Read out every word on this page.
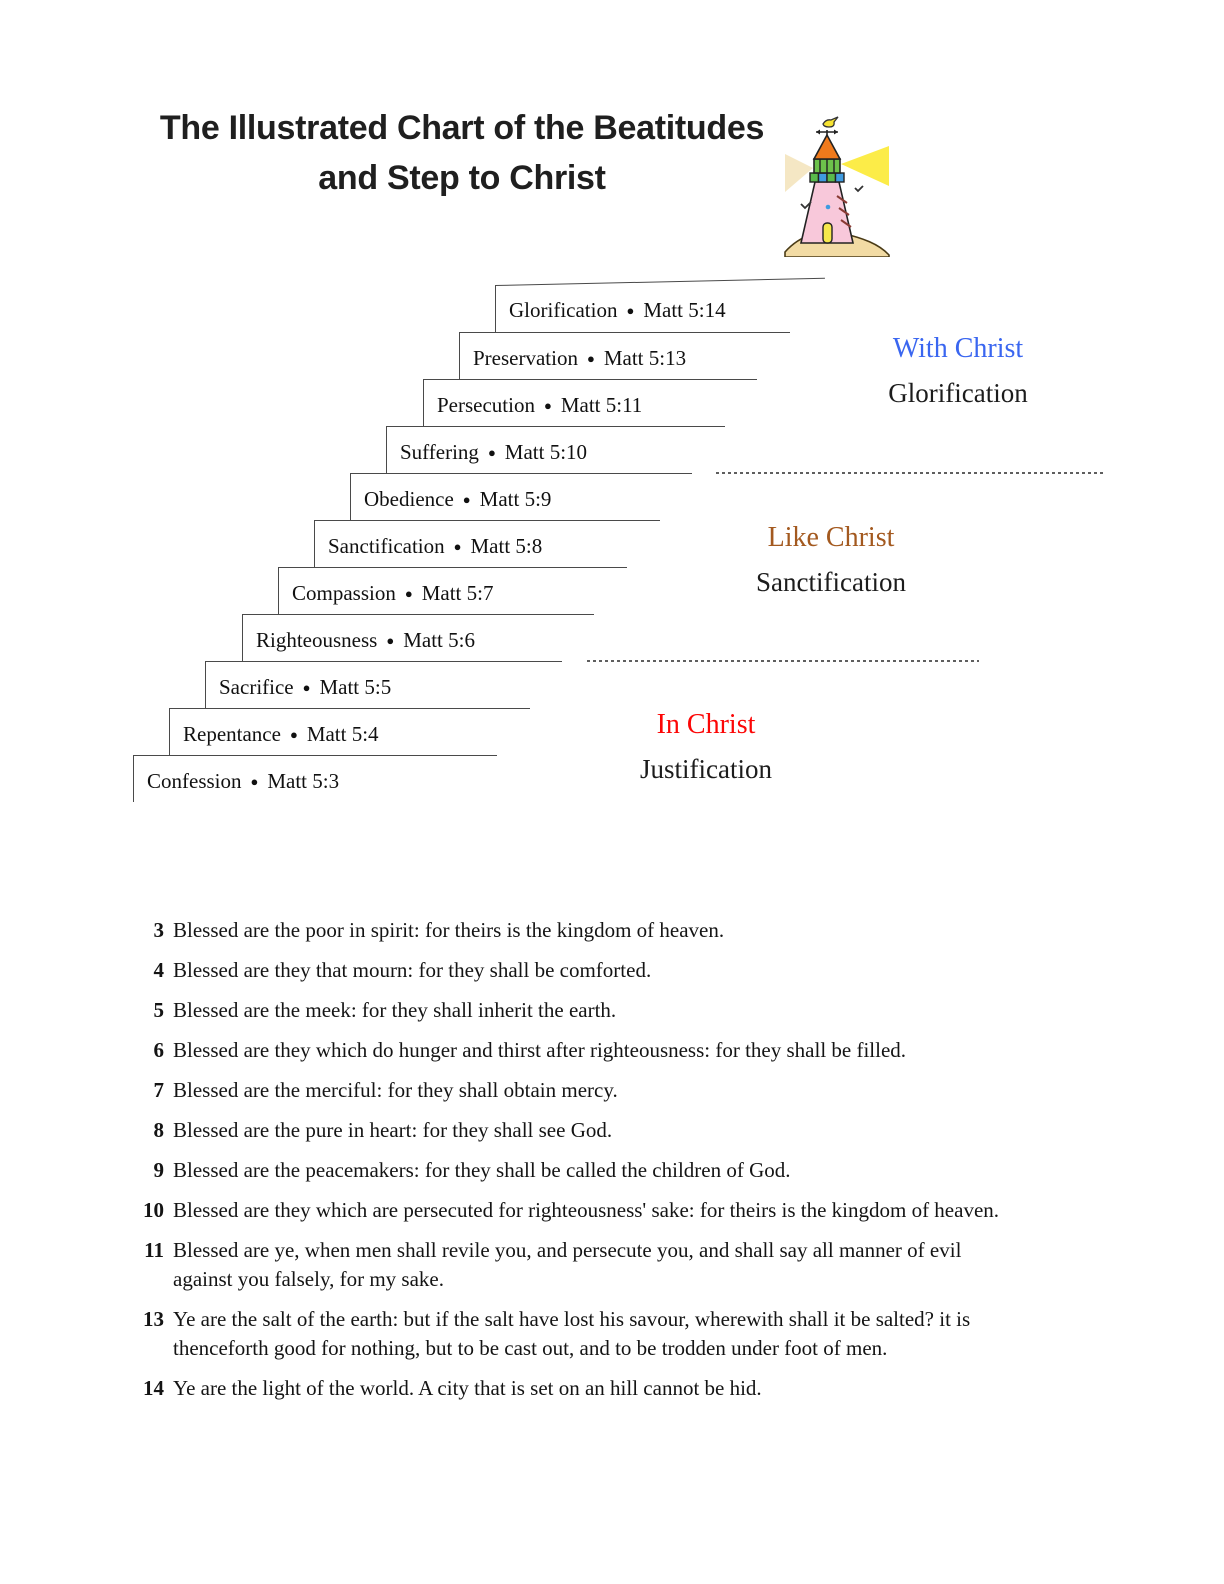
The Illustrated Chart of the Beatitudes
and Step to Christ
Glorification ● Matt 5:14
Preservation ● Matt 5:13
Persecution ● Matt 5:11
Suffering ● Matt 5:10
Obedience ● Matt 5:9
Sanctification ● Matt 5:8
Compassion ● Matt 5:7
Righteousness ● Matt 5:6
Sacrifice ● Matt 5:5
Repentance ● Matt 5:4
Confession ● Matt 5:3
With Christ
Glorification
Like Christ
Sanctification
In Christ
Justification
3 Blessed are the poor in spirit: for theirs is the kingdom of heaven.
4 Blessed are they that mourn: for they shall be comforted.
5 Blessed are the meek: for they shall inherit the earth.
6 Blessed are they which do hunger and thirst after righteousness: for they shall be filled.
7 Blessed are the merciful: for they shall obtain mercy.
8 Blessed are the pure in heart: for they shall see God.
9 Blessed are the peacemakers: for they shall be called the children of God.
10 Blessed are they which are persecuted for righteousness' sake: for theirs is the kingdom of heaven.
11 Blessed are ye, when men shall revile you, and persecute you, and shall say all manner of evil against you falsely, for my sake.
13 Ye are the salt of the earth: but if the salt have lost his savour, wherewith shall it be salted? it is thenceforth good for nothing, but to be cast out, and to be trodden under foot of men.
14 Ye are the light of the world. A city that is set on an hill cannot be hid.
